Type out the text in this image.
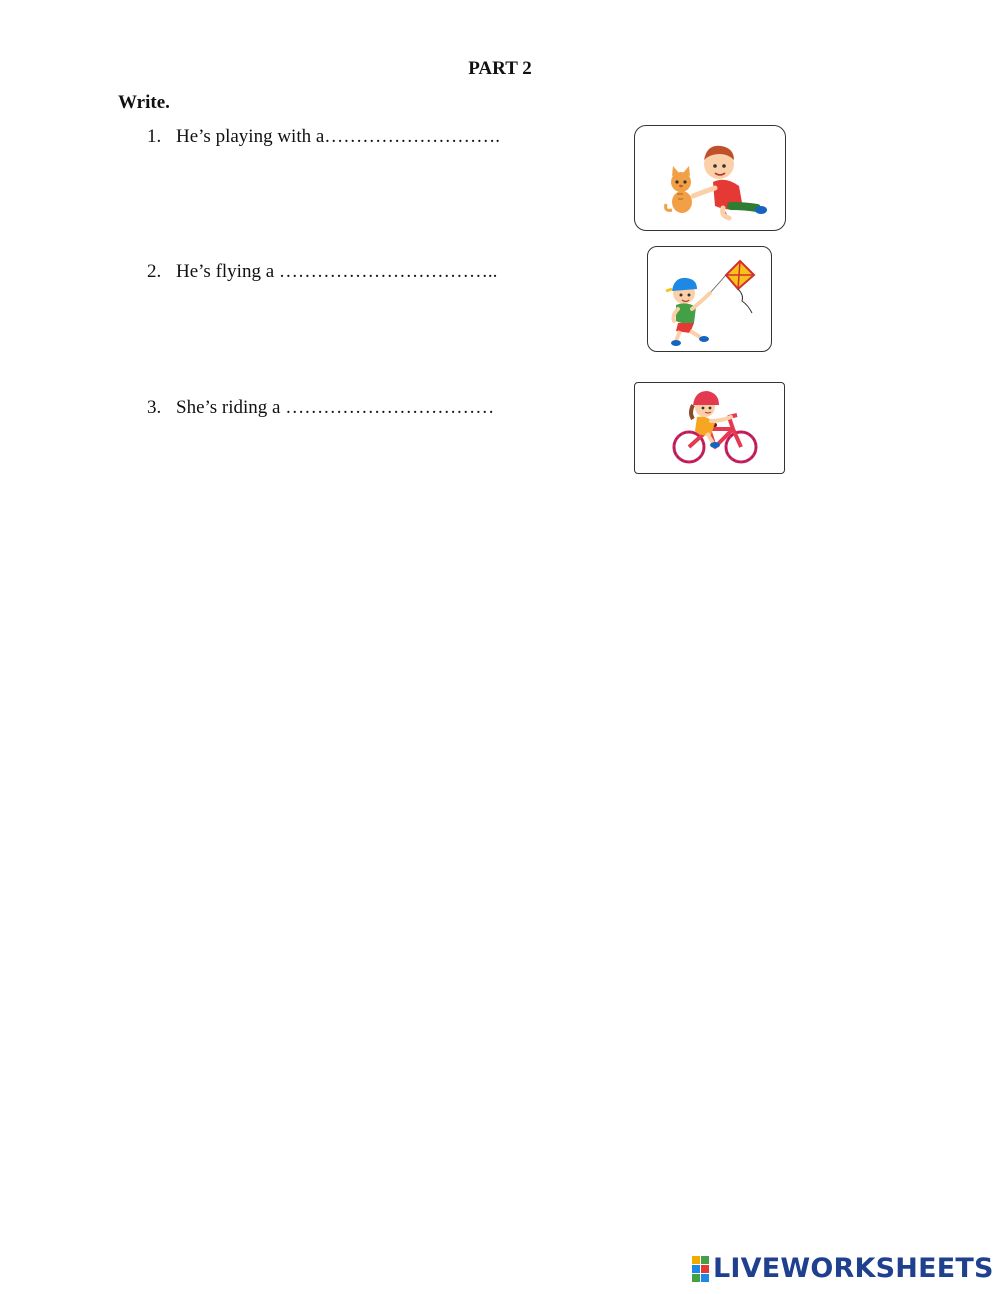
PART 2
Write.
1. He’s playing with a……………………….
2. He’s flying a ……………………………..
3. She’s riding a ……………………………
LIVEWORKSHEETS
